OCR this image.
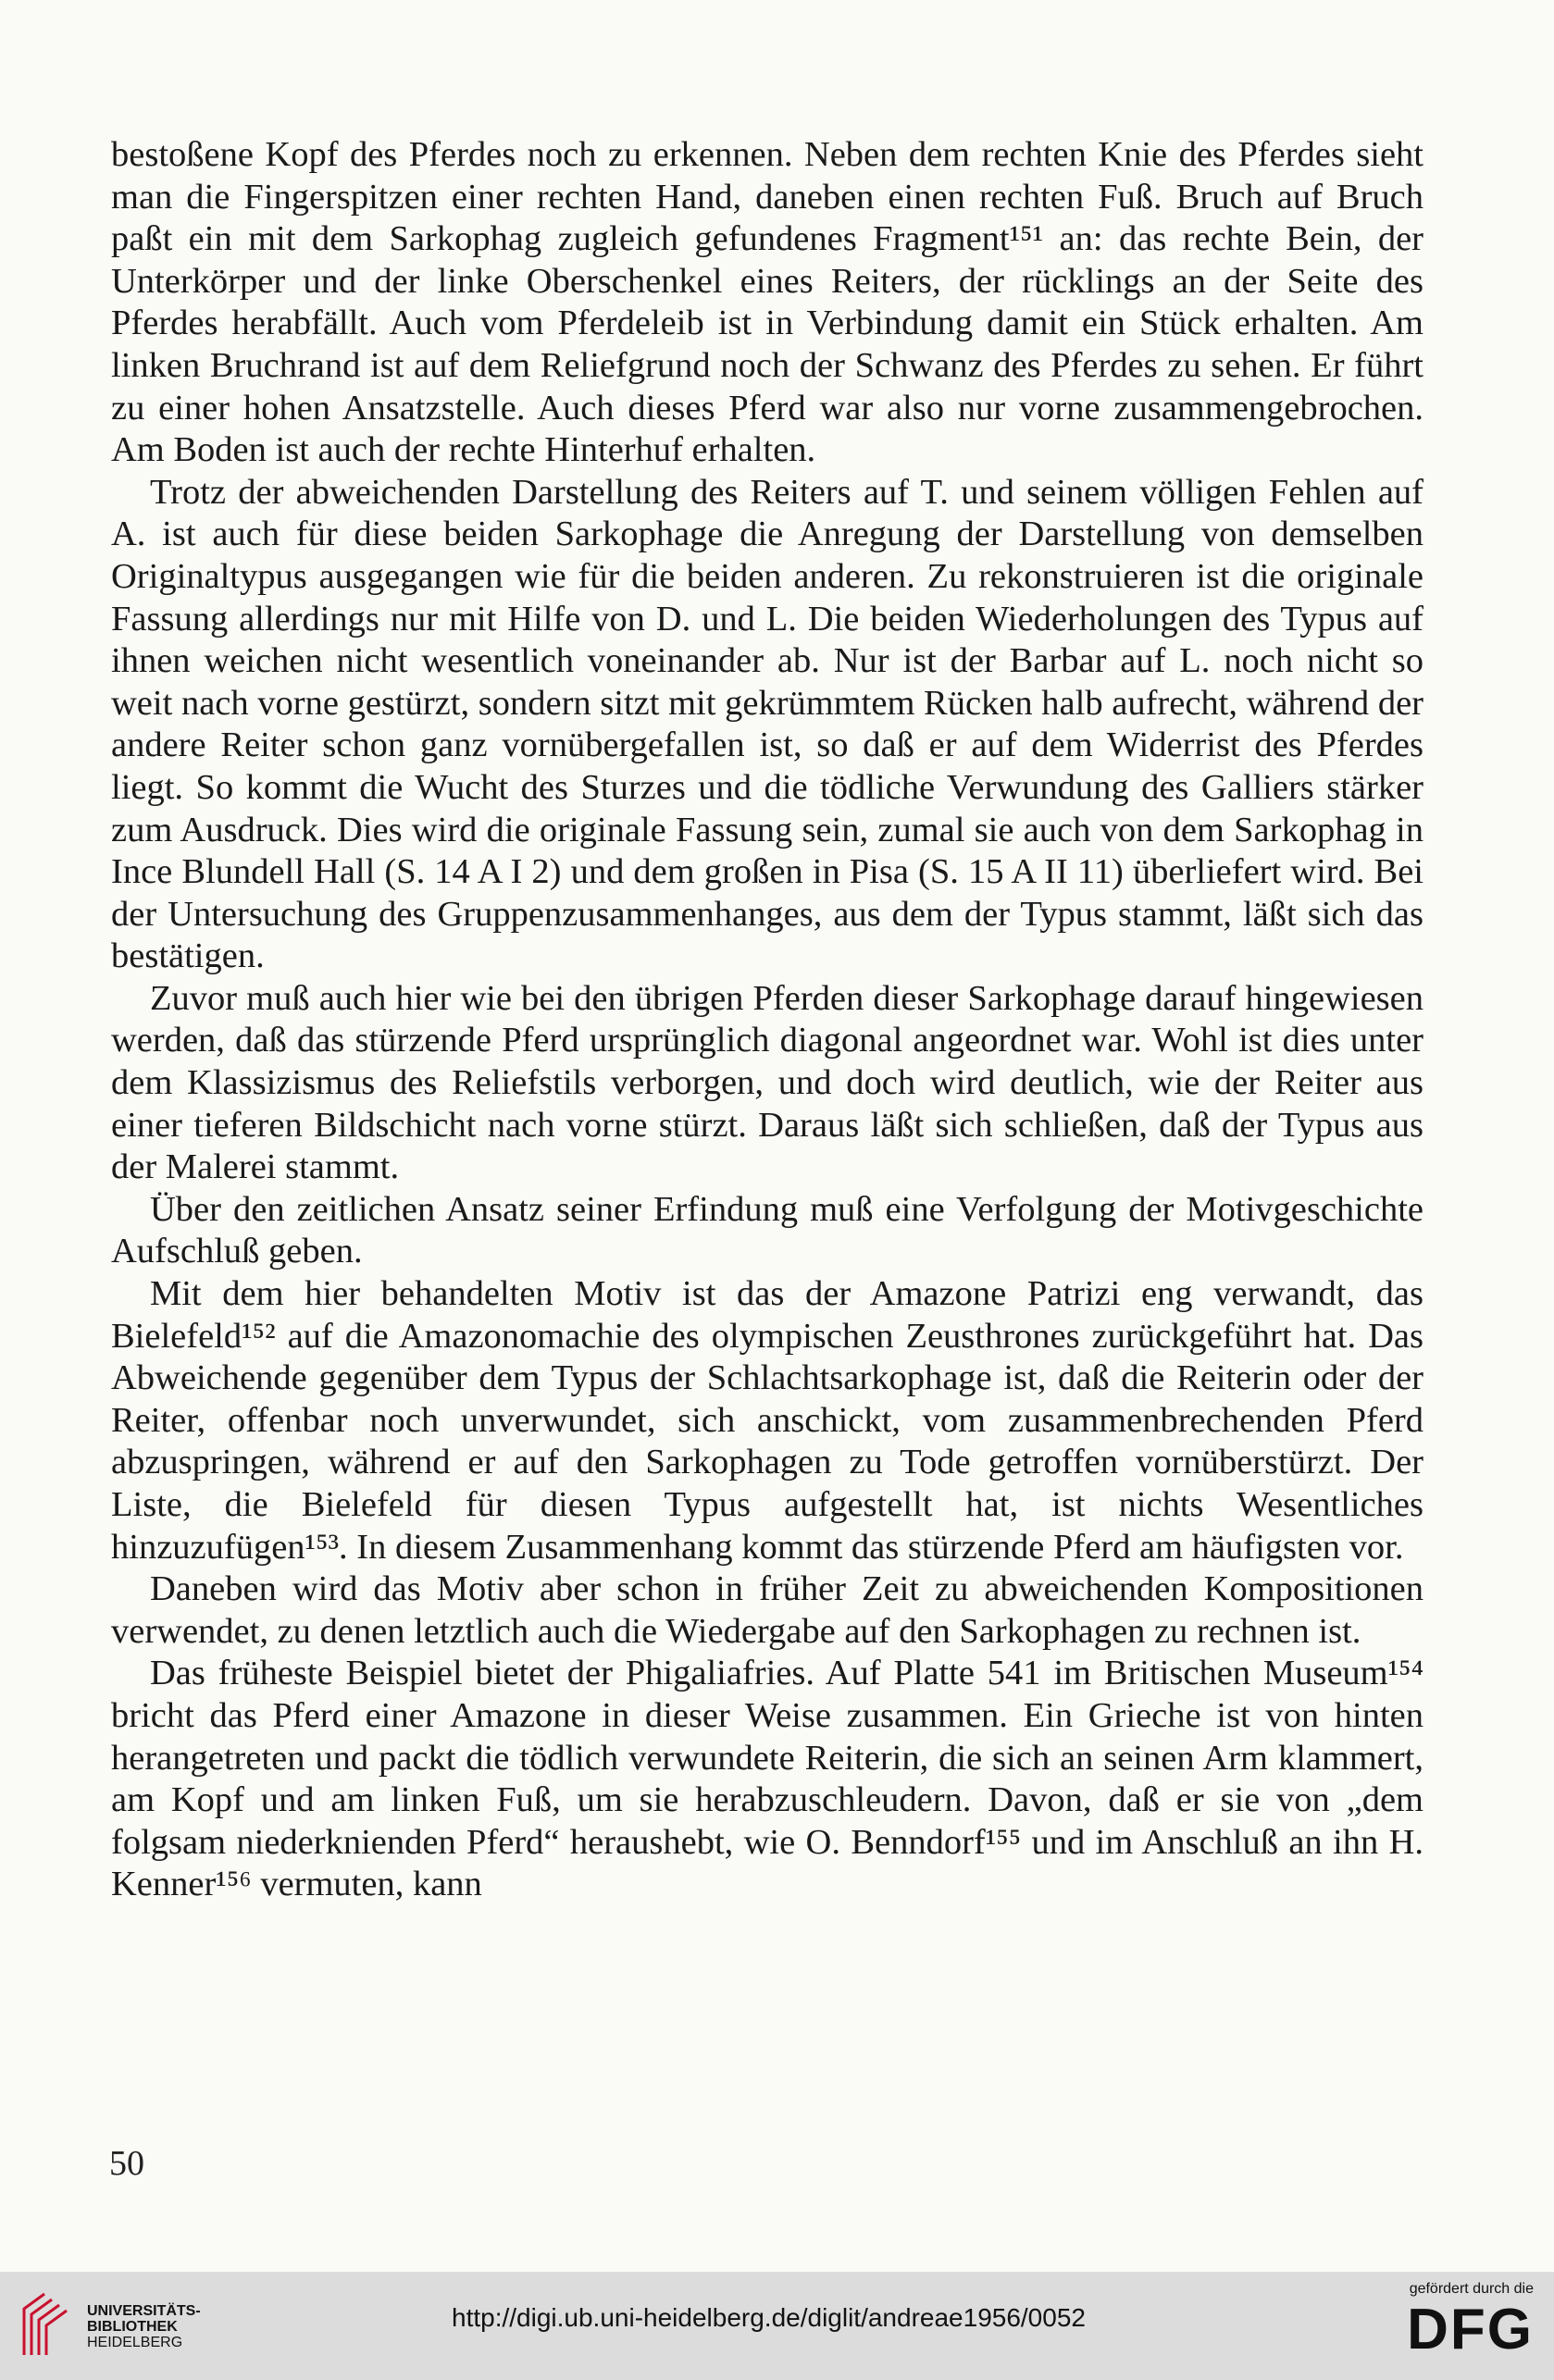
bestoßene Kopf des Pferdes noch zu erkennen. Neben dem rechten Knie des Pferdes sieht man die Fingerspitzen einer rechten Hand, daneben einen rechten Fuß. Bruch auf Bruch paßt ein mit dem Sarkophag zugleich gefundenes Fragment¹⁵¹ an: das rechte Bein, der Unterkörper und der linke Oberschenkel eines Reiters, der rücklings an der Seite des Pferdes herabfällt. Auch vom Pferdeleib ist in Verbindung damit ein Stück erhalten. Am linken Bruchrand ist auf dem Reliefgrund noch der Schwanz des Pferdes zu sehen. Er führt zu einer hohen Ansatzstelle. Auch dieses Pferd war also nur vorne zusammengebrochen. Am Boden ist auch der rechte Hinterhuf erhalten.

Trotz der abweichenden Darstellung des Reiters auf T. und seinem völligen Fehlen auf A. ist auch für diese beiden Sarkophage die Anregung der Darstellung von demselben Originaltypus ausgegangen wie für die beiden anderen. Zu rekonstruieren ist die originale Fassung allerdings nur mit Hilfe von D. und L. Die beiden Wiederholungen des Typus auf ihnen weichen nicht wesentlich voneinander ab. Nur ist der Barbar auf L. noch nicht so weit nach vorne gestürzt, sondern sitzt mit gekrümmtem Rücken halb aufrecht, während der andere Reiter schon ganz vornübergefallen ist, so daß er auf dem Widerrist des Pferdes liegt. So kommt die Wucht des Sturzes und die tödliche Verwundung des Galliers stärker zum Ausdruck. Dies wird die originale Fassung sein, zumal sie auch von dem Sarkophag in Ince Blundell Hall (S. 14 A I 2) und dem großen in Pisa (S. 15 A II 11) überliefert wird. Bei der Untersuchung des Gruppenzusammenhanges, aus dem der Typus stammt, läßt sich das bestätigen.

Zuvor muß auch hier wie bei den übrigen Pferden dieser Sarkophage darauf hingewiesen werden, daß das stürzende Pferd ursprünglich diagonal angeordnet war. Wohl ist dies unter dem Klassizismus des Reliefstils verborgen, und doch wird deutlich, wie der Reiter aus einer tieferen Bildschicht nach vorne stürzt. Daraus läßt sich schließen, daß der Typus aus der Malerei stammt.

Über den zeitlichen Ansatz seiner Erfindung muß eine Verfolgung der Motivgeschichte Aufschluß geben.

Mit dem hier behandelten Motiv ist das der Amazone Patrizi eng verwandt, das Bielefeld¹⁵² auf die Amazonomachie des olympischen Zeusthrones zurückgeführt hat. Das Abweichende gegenüber dem Typus der Schlachtsarkophage ist, daß die Reiterin oder der Reiter, offenbar noch unverwundet, sich anschickt, vom zusammenbrechenden Pferd abzuspringen, während er auf den Sarkophagen zu Tode getroffen vornüberstürzt. Der Liste, die Bielefeld für diesen Typus aufgestellt hat, ist nichts Wesentliches hinzuzufügen¹⁵³. In diesem Zusammenhang kommt das stürzende Pferd am häufigsten vor.

Daneben wird das Motiv aber schon in früher Zeit zu abweichenden Kompositionen verwendet, zu denen letztlich auch die Wiedergabe auf den Sarkophagen zu rechnen ist.

Das früheste Beispiel bietet der Phigaliafries. Auf Platte 541 im Britischen Museum¹⁵⁴ bricht das Pferd einer Amazone in dieser Weise zusammen. Ein Grieche ist von hinten herangetreten und packt die tödlich verwundete Reiterin, die sich an seinen Arm klammert, am Kopf und am linken Fuß, um sie herabzuschleudern. Davon, daß er sie von „dem folgsam niederknienden Pferd“ heraushebt, wie O. Benndorf¹⁵⁵ und im Anschluß an ihn H. Kenner¹⁵⁶ vermuten, kann

50
UNIVERSITÄTS-
BIBLIOTHEK
HEIDELBERG
http://digi.ub.uni-heidelberg.de/diglit/andreae1956/0052
gefördert durch die
DFG
